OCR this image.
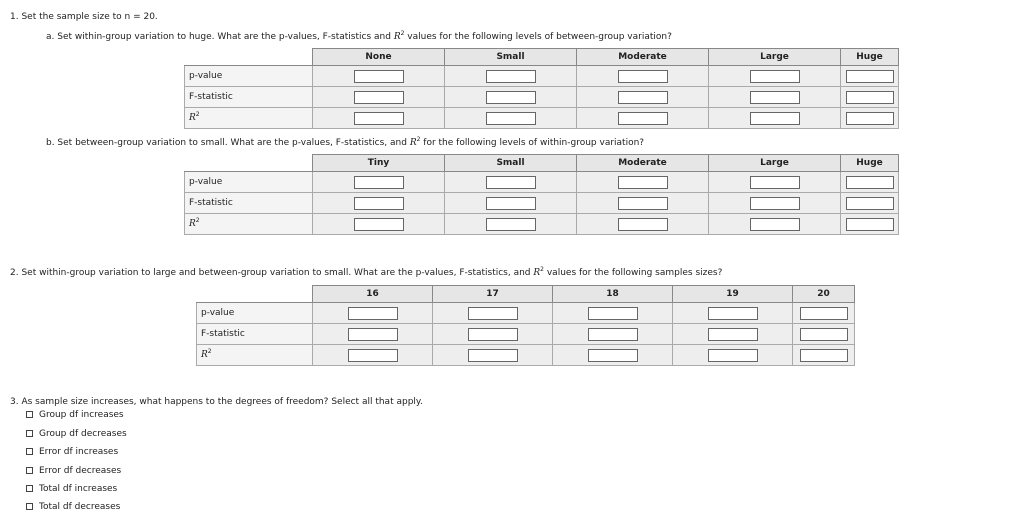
1. Set the sample size to n = 20.
a. Set within-group variation to huge. What are the p-values, F-statistics and $R^2$ values for the following levels of between-group variation?
	None	Small	Moderate	Large	Huge
p-value					
F-statistic					
$R^2$					
b. Set between-group variation to small. What are the p-values, F-statistics, and $R^2$ for the following levels of within-group variation?
	Tiny	Small	Moderate	Large	Huge
p-value					
F-statistic					
$R^2$					
2. Set within-group variation to large and between-group variation to small. What are the p-values, F-statistics, and $R^2$ values for the following samples sizes?
	16	17	18	19	20
p-value					
F-statistic					
$R^2$					
3. As sample size increases, what happens to the degrees of freedom? Select all that apply.
Group df increases
Group df decreases
Error df increases
Error df decreases
Total df increases
Total df decreases
